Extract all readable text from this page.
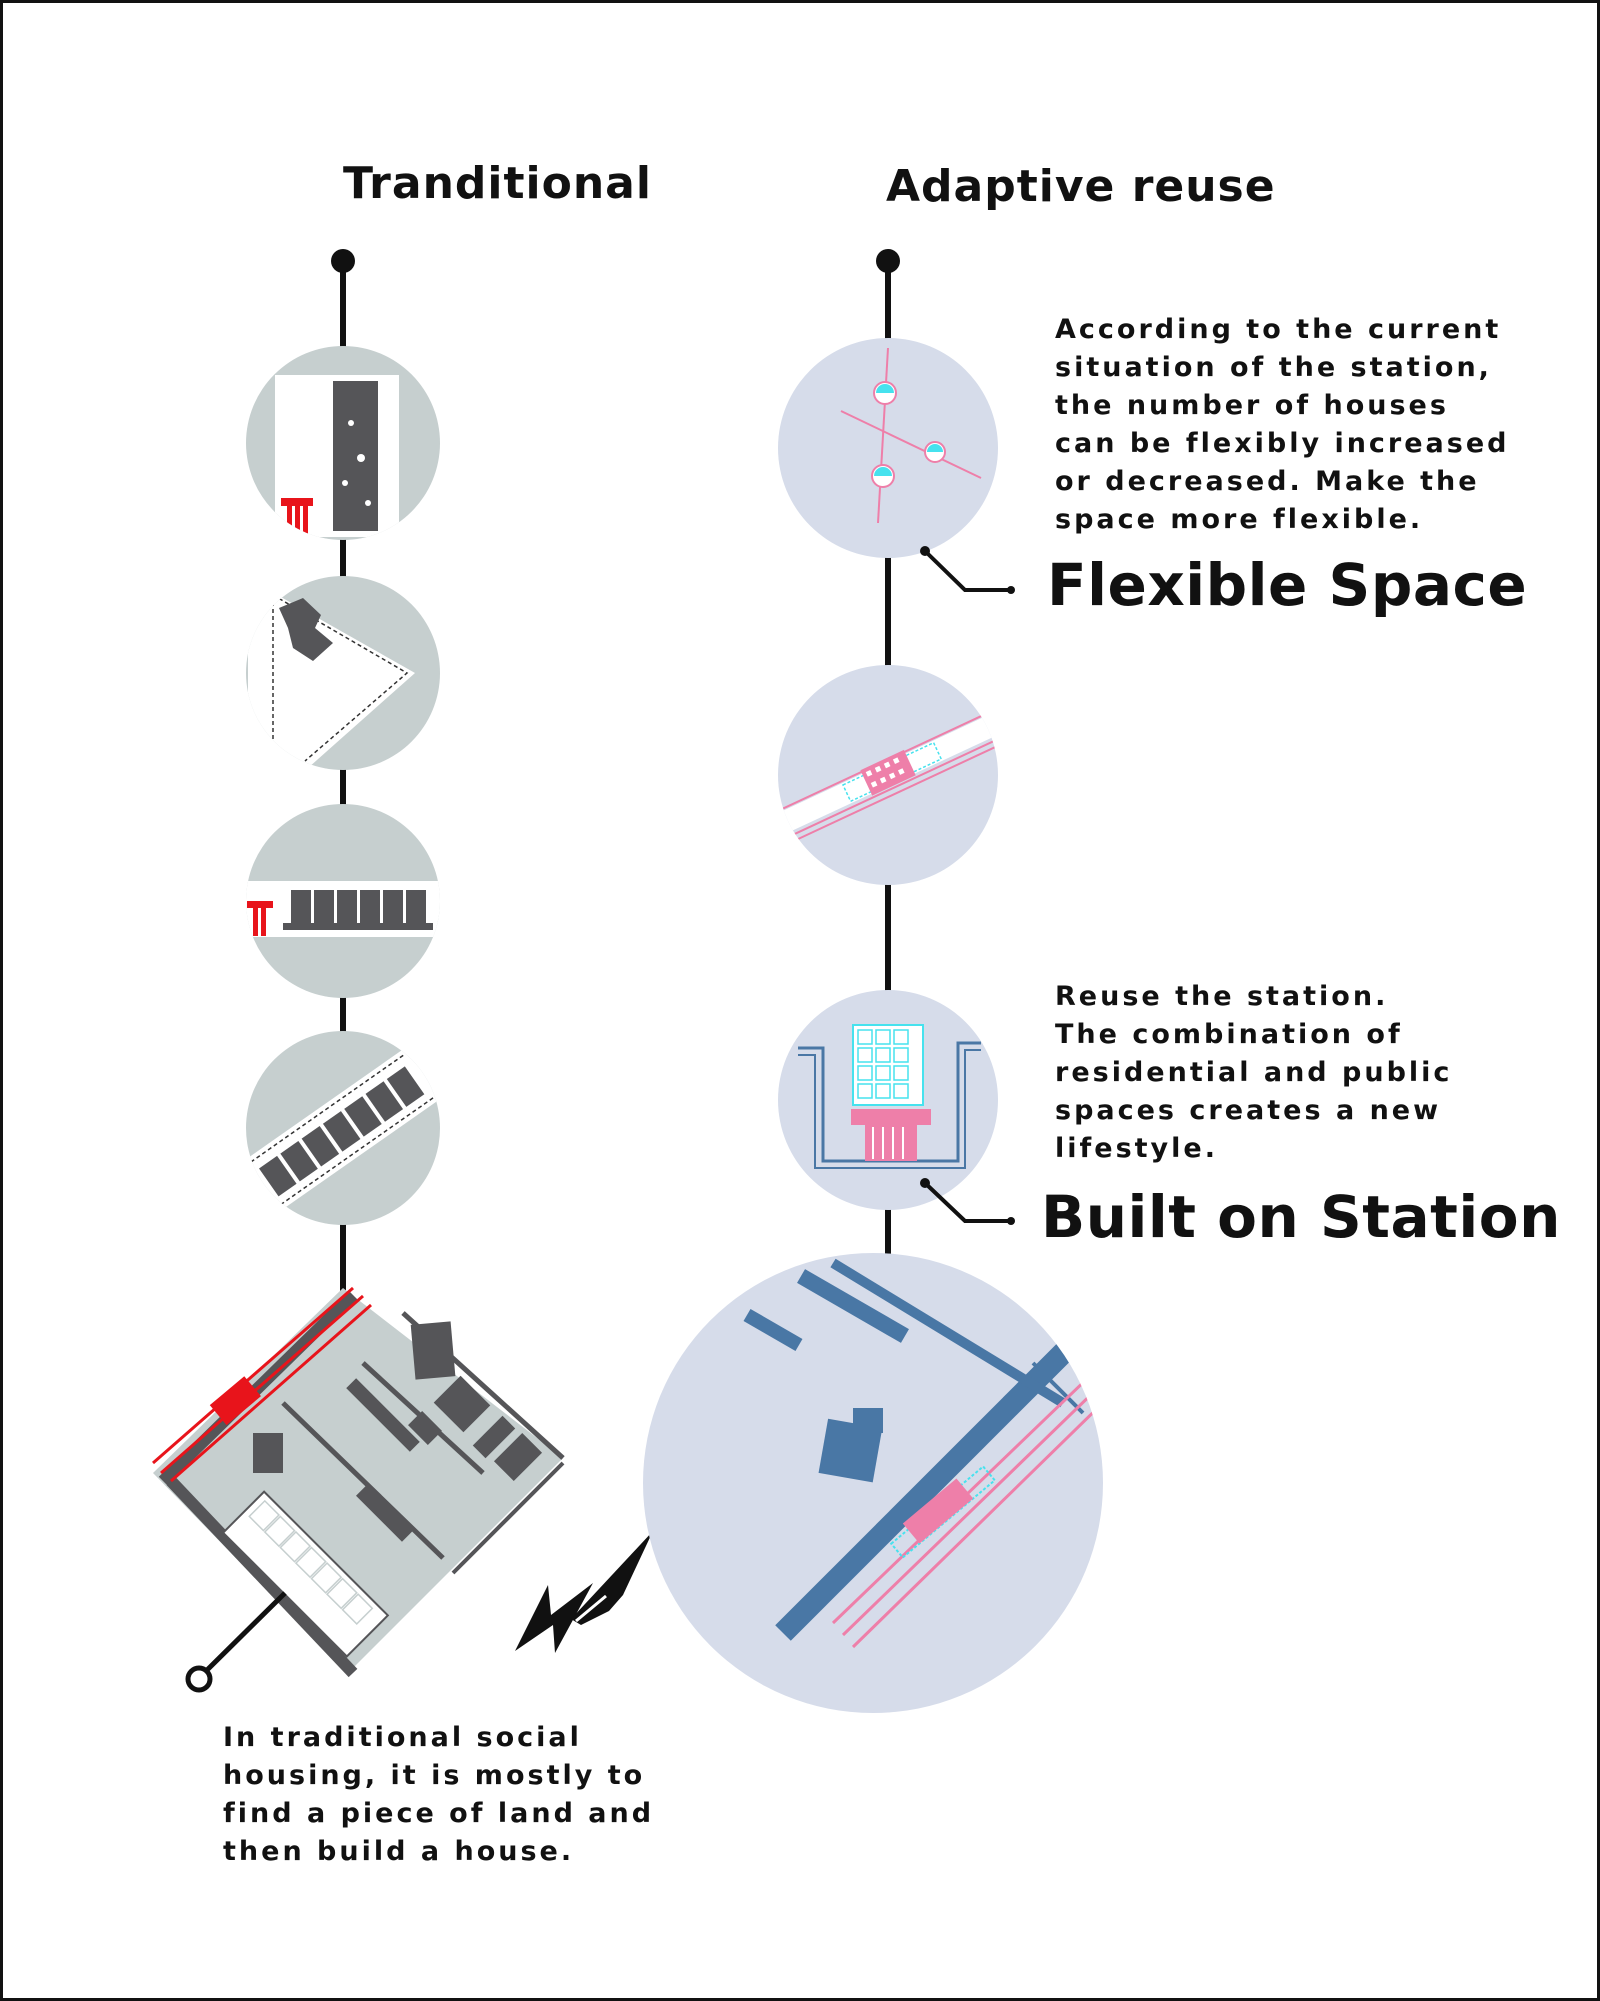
Tranditional	Adaptive reuse
Flexible Space
Built on Station
According to the current
situation of the station,
the number of houses
can be flexibly increased
or decreased. Make the
space more flexible.
Reuse the station.
The combination of
residential and public
spaces creates a new
lifestyle.
In traditional social
housing, it is mostly to
find a piece of land and
then build a house.
